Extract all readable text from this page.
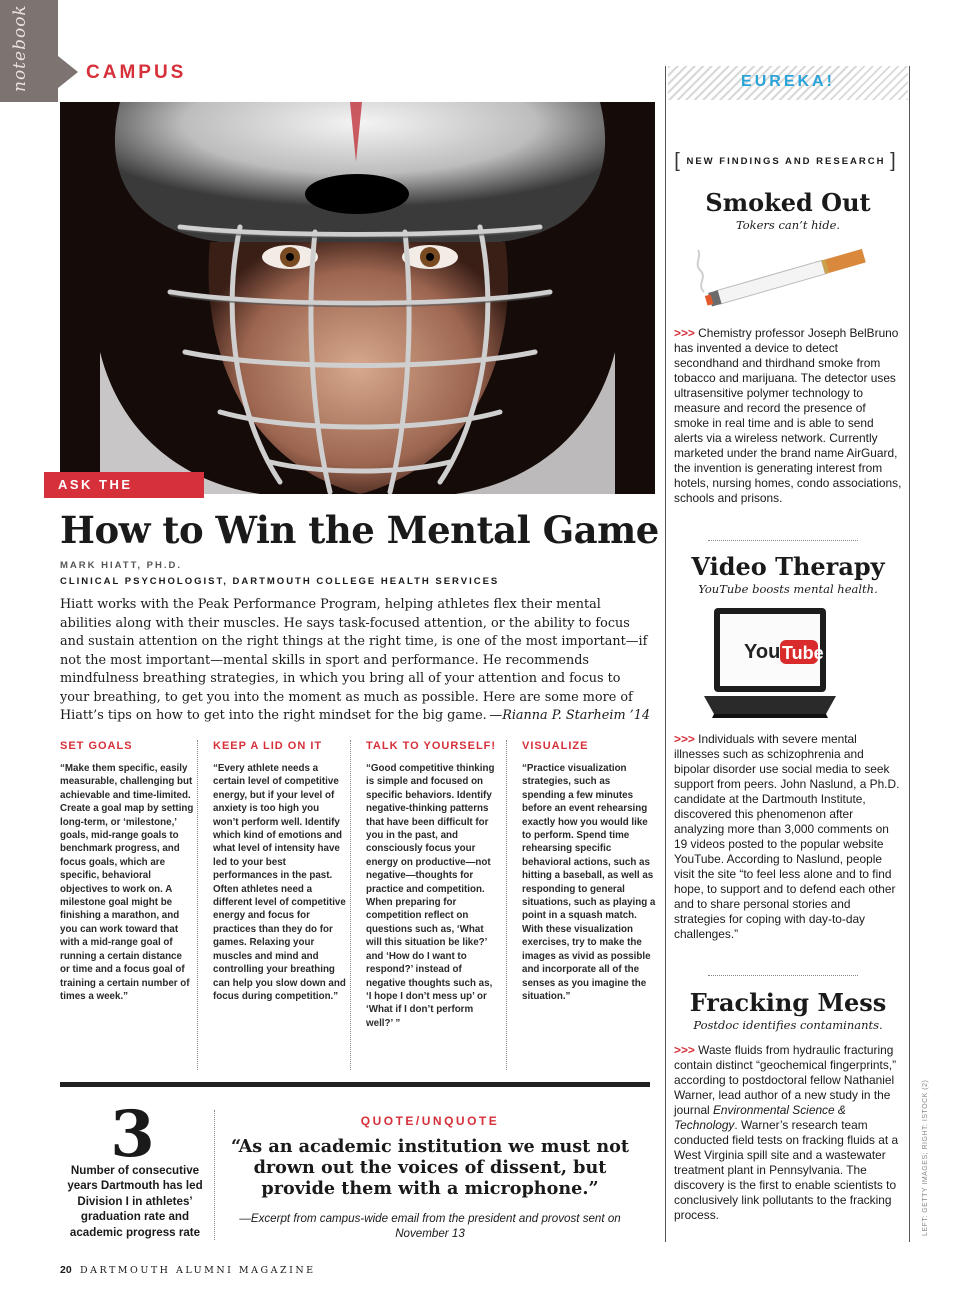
notebook	CAMPUS
ASK THE EXPERT
How to Win the Mental Game
MARK HIATT, PH.D.
CLINICAL PSYCHOLOGIST, DARTMOUTH COLLEGE HEALTH SERVICES
Hiatt works with the Peak Performance Program, helping athletes flex their mental abilities along with their muscles. He says task-focused attention, or the ability to focus and sustain attention on the right things at the right time, is one of the most important—if not the most important—mental skills in sport and performance. He recommends mindfulness breathing strategies, in which you bring all of your attention and focus to your breathing, to get you into the moment as much as possible. Here are some more of Hiatt’s tips on how to get into the right mindset for the big game. —Rianna P. Starheim ’14
SET GOALS

“Make them specific, easily measurable, challenging but achievable and time-limited. Create a goal map by setting long-term, or ‘milestone,’ goals, mid-range goals to benchmark progress, and focus goals, which are specific, behavioral objectives to work on. A milestone goal might be finishing a marathon, and you can work toward that with a mid-range goal of running a certain distance or time and a focus goal of training a certain number of times a week.”

KEEP A LID ON IT

“Every athlete needs a certain level of competitive energy, but if your level of anxiety is too high you won’t perform well. Identify which kind of emotions and what level of intensity have led to your best performances in the past. Often athletes need a different level of competitive energy and focus for practices than they do for games. Relaxing your muscles and mind and controlling your breathing can help you slow down and focus during competition.”

TALK TO YOURSELF!

“Good competitive thinking is simple and focused on specific behaviors. Identify negative-thinking patterns that have been difficult for you in the past, and consciously focus your energy on productive—not negative—thoughts for practice and competition. When preparing for competition reflect on questions such as, ‘What will this situation be like?’ and ‘How do I want to respond?’ instead of negative thoughts such as, ‘I hope I don’t mess up’ or ‘What if I don’t perform well?’ ”

VISUALIZE

“Practice visualization strategies, such as spending a few minutes before an event rehearsing exactly how you would like to perform. Spend time rehearsing specific behavioral actions, such as hitting a baseball, as well as responding to general situations, such as playing a point in a squash match. With these visualization exercises, try to make the images as vivid as possible and incorporate all of the senses as you imagine the situation.”

3
Number of consecutive years Dartmouth has led Division I in athletes’ graduation rate and academic progress rate
QUOTE/UNQUOTE
“As an academic institution we must not drown out the voices of dissent, but provide them with a microphone.”
—Excerpt from campus-wide email from the president and provost sent on November 13
20 DARTMOUTH ALUMNI MAGAZINE
EUREKA!
[ NEW FINDINGS AND RESEARCH ]
Smoked Out
Tokers can’t hide.
>>> Chemistry professor Joseph BelBruno has invented a device to detect secondhand and thirdhand smoke from tobacco and marijuana. The detector uses ultrasensitive polymer technology to measure and record the presence of smoke in real time and is able to send alerts via a wireless network. Currently marketed under the brand name AirGuard, the invention is generating interest from hotels, nursing homes, condo associations, schools and prisons.
Video Therapy
YouTube boosts mental health.
You Tube
>>> Individuals with severe mental illnesses such as schizophrenia and bipolar disorder use social media to seek support from peers. John Naslund, a Ph.D. candidate at the Dartmouth Institute, discovered this phenomenon after analyzing more than 3,000 comments on 19 videos posted to the popular website YouTube. According to Naslund, people visit the site “to feel less alone and to find hope, to support and to defend each other and to share personal stories and strategies for coping with day-to-day challenges.”
Fracking Mess
Postdoc identifies contaminants.
>>> Waste fluids from hydraulic fracturing contain distinct “geochemical fingerprints,” according to postdoctoral fellow Nathaniel Warner, lead author of a new study in the journal Environmental Science & Technology. Warner’s research team conducted field tests on fracking fluids at a West Virginia spill site and a wastewater treatment plant in Pennsylvania. The discovery is the first to enable scientists to conclusively link pollutants to the fracking process.	LEFT: GETTY IMAGES; RIGHT: ISTOCK (2)
